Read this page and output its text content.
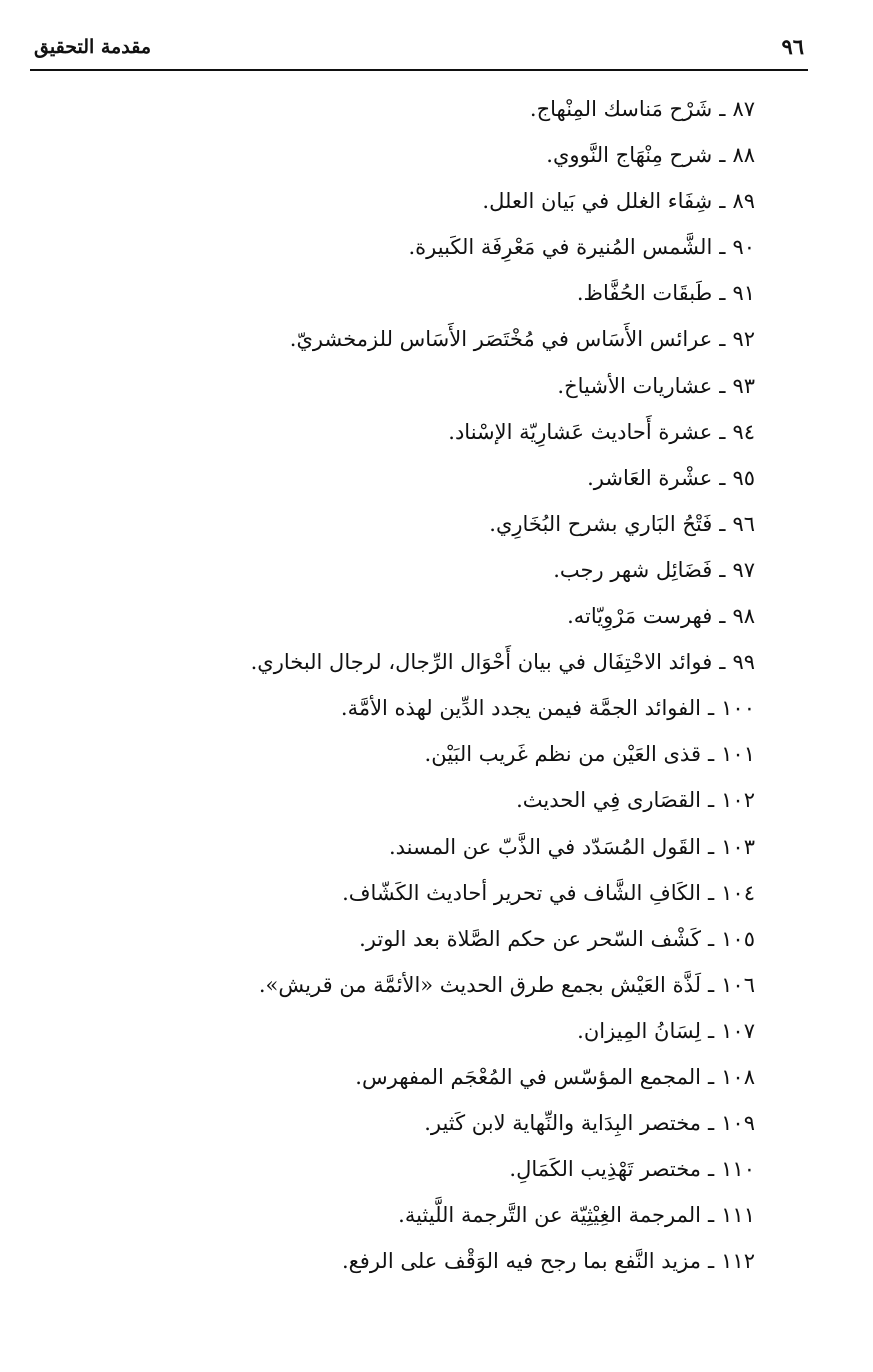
٩٦
مقدمة التحقيق
٨٧ـشَرْح مَناسك المِنْهاج.
٨٨ـشرح مِنْهَاج النَّووي.
٨٩ـشِفَاء الغلل في بَيان العلل.
٩٠ـالشَّمس المُنيرة في مَعْرِفَة الكَبيرة.
٩١ـطَبقَات الحُفَّاظ.
٩٢ـعرائس الأَسَاس في مُخْتَصَر الأَسَاس للزمخشريّ.
٩٣ـعشاريات الأشياخ.
٩٤ـعشرة أَحاديث عَشارِيّة الإسْناد.
٩٥ـعشْرة العَاشر.
٩٦ـفَتْحُ البَاري بشرح البُخَارِي.
٩٧ـفَضَائِل شهر رجب.
٩٨ـفهرست مَرْوِيّاته.
٩٩ـفوائد الاحْتِفَال في بيان أَحْوَال الرِّجال، لرجال البخاري.
١٠٠ـالفوائد الجمَّة فيمن يجدد الدِّين لهذه الأمَّة.
١٠١ـقذى العَيْن من نظم غَريب البَيْن.
١٠٢ـالقصَارى فِي الحديث.
١٠٣ـالقَول المُسَدّد في الذَّبّ عن المسند.
١٠٤ـالكَافِ الشَّاف في تحرير أحاديث الكَشّاف.
١٠٥ـكَشْف السّحر عن حكم الصَّلاة بعد الوتر.
١٠٦ـلَذَّة العَيْش بجمع طرق الحديث «الأئمَّة من قريش».
١٠٧ـلِسَانُ المِيزان.
١٠٨ـالمجمع المؤسّس في المُعْجَم المفهرس.
١٠٩ـمختصر البِدَاية والنِّهاية لابن كَثير.
١١٠ـمختصر تَهْذِيب الكَمَالِ.
١١١ـالمرجمة الغِيْثِيّة عن التَّرجمة اللَّيثية.
١١٢ـمزيد النَّفع بما رجح فيه الوَقْف على الرفع.
